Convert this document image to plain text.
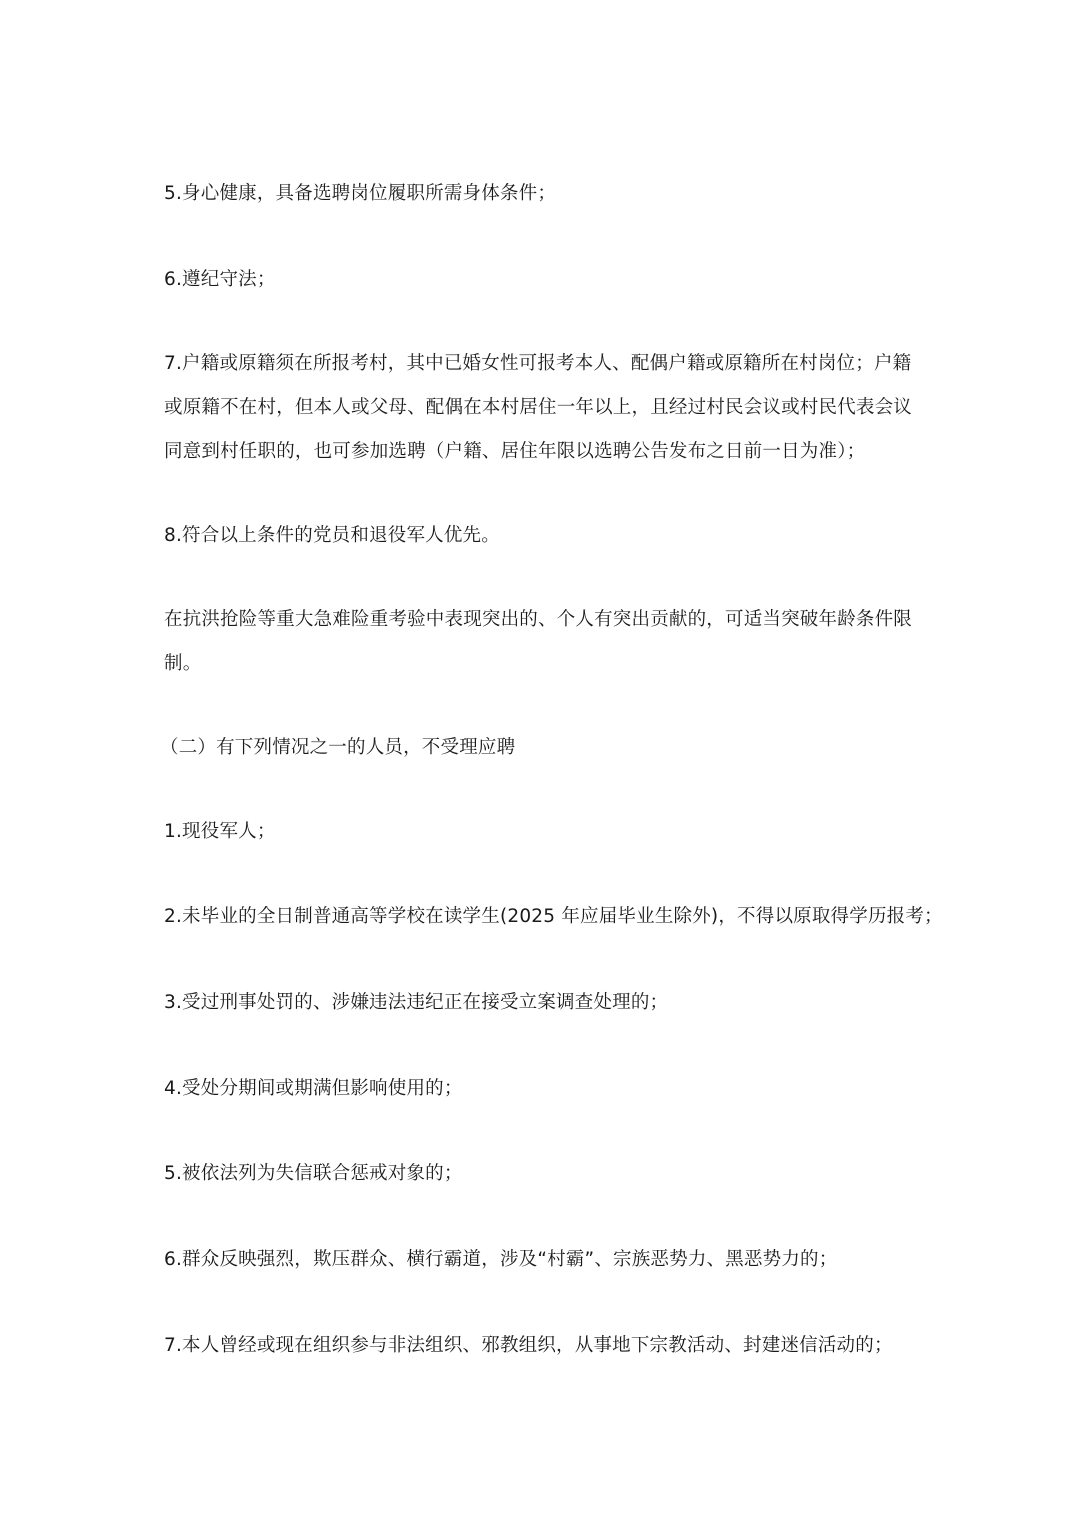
5.身心健康，具备选聘岗位履职所需身体条件；

6.遵纪守法；

7.户籍或原籍须在所报考村，其中已婚女性可报考本人、配偶户籍或原籍所在村岗位；户籍
或原籍不在村，但本人或父母、配偶在本村居住一年以上，且经过村民会议或村民代表会议
同意到村任职的，也可参加选聘（户籍、居住年限以选聘公告发布之日前一日为准）；

8.符合以上条件的党员和退役军人优先。

在抗洪抢险等重大急难险重考验中表现突出的、个人有突出贡献的，可适当突破年龄条件限
制。

（二）有下列情况之一的人员，不受理应聘

1.现役军人；

2.未毕业的全日制普通高等学校在读学生(2025 年应届毕业生除外)，不得以原取得学历报考；

3.受过刑事处罚的、涉嫌违法违纪正在接受立案调查处理的；

4.受处分期间或期满但影响使用的；

5.被依法列为失信联合惩戒对象的；

6.群众反映强烈，欺压群众、横行霸道，涉及“村霸”、宗族恶势力、黑恶势力的；

7.本人曾经或现在组织参与非法组织、邪教组织，从事地下宗教活动、封建迷信活动的；
